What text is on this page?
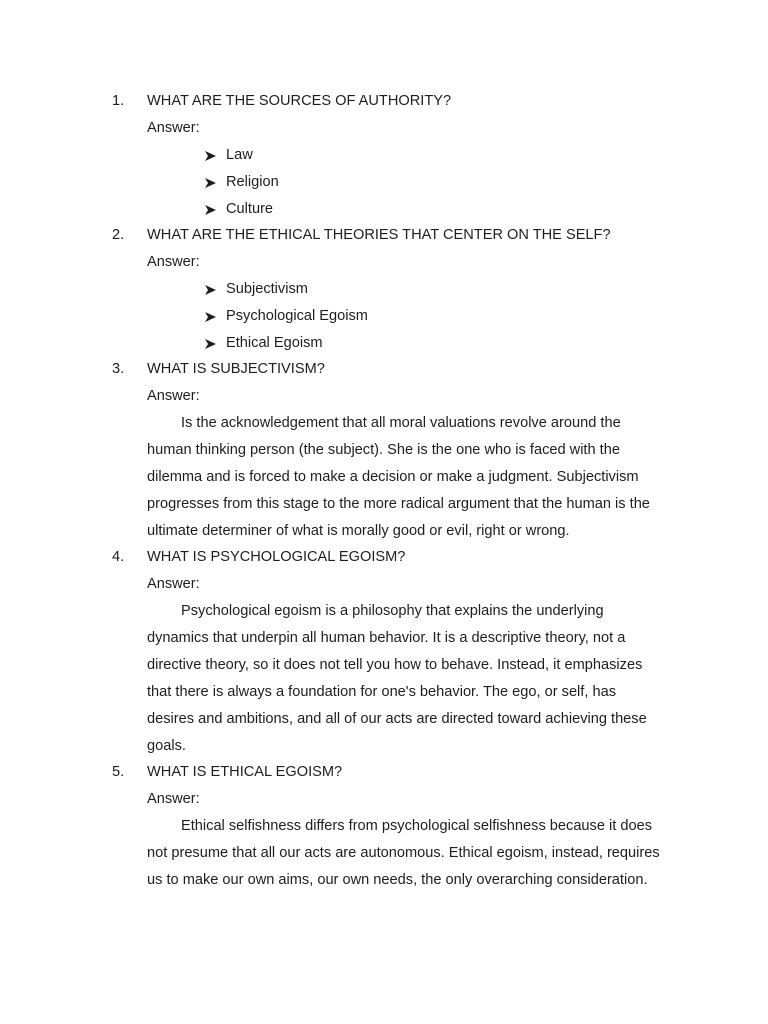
1. WHAT ARE THE SOURCES OF AUTHORITY?
Answer:
Law
Religion
Culture
2. WHAT ARE THE ETHICAL THEORIES THAT CENTER ON THE SELF?
Answer:
Subjectivism
Psychological Egoism
Ethical Egoism
3. WHAT IS SUBJECTIVISM?
Answer:
Is the acknowledgement that all moral valuations revolve around the
human thinking person (the subject). She is the one who is faced with the
dilemma and is forced to make a decision or make a judgment. Subjectivism
progresses from this stage to the more radical argument that the human is the
ultimate determiner of what is morally good or evil, right or wrong.
4. WHAT IS PSYCHOLOGICAL EGOISM?
Answer:
Psychological egoism is a philosophy that explains the underlying
dynamics that underpin all human behavior. It is a descriptive theory, not a
directive theory, so it does not tell you how to behave. Instead, it emphasizes
that there is always a foundation for one's behavior. The ego, or self, has
desires and ambitions, and all of our acts are directed toward achieving these
goals.
5. WHAT IS ETHICAL EGOISM?
Answer:
Ethical selfishness differs from psychological selfishness because it does
not presume that all our acts are autonomous. Ethical egoism, instead, requires
us to make our own aims, our own needs, the only overarching consideration.
